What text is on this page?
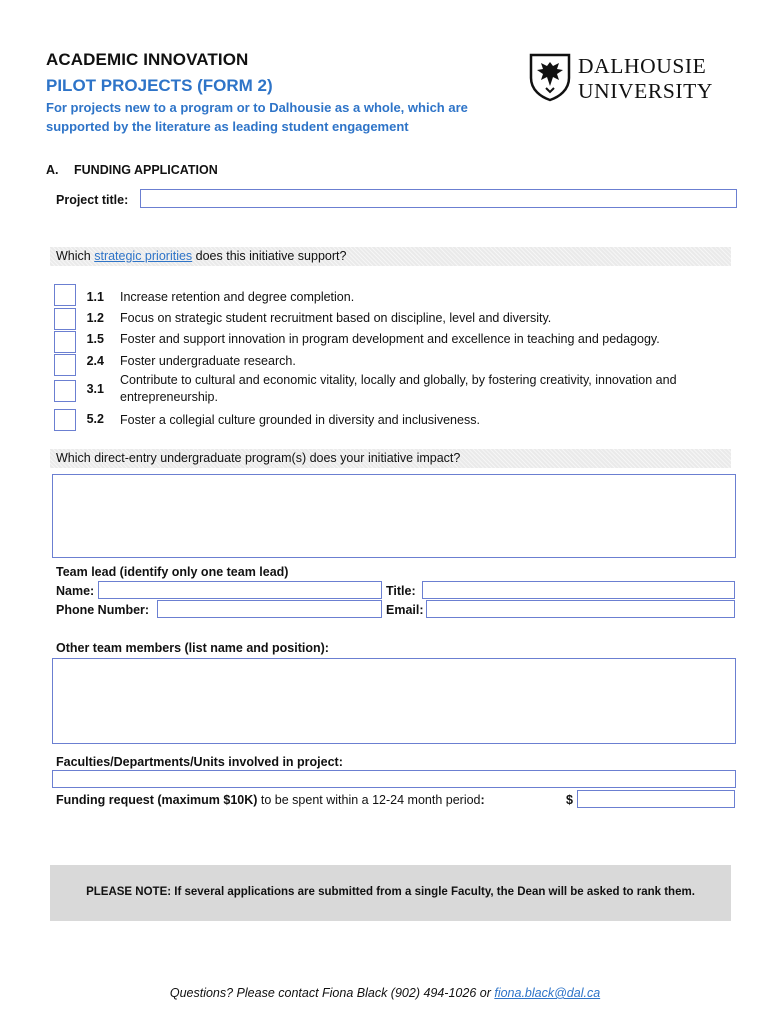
ACADEMIC INNOVATION
PILOT PROJECTS (FORM 2)
For projects new to a program or to Dalhousie as a whole, which are supported by the literature as leading student engagement
DALHOUSIE
UNIVERSITY
A. FUNDING APPLICATION
Project title:
Which strategic priorities does this initiative support?
1.1 Increase retention and degree completion.
1.2 Focus on strategic student recruitment based on discipline, level and diversity.
1.5 Foster and support innovation in program development and excellence in teaching and pedagogy.
2.4 Foster undergraduate research.
3.1
Contribute to cultural and economic vitality, locally and globally, by fostering creativity, innovation and entrepreneurship.
5.2 Foster a collegial culture grounded in diversity and inclusiveness.
Which direct-entry undergraduate program(s) does your initiative impact?
Team lead (identify only one team lead)
Name:	Title:
Phone Number:	Email:
Other team members (list name and position):
Faculties/Departments/Units involved in project:
Funding request (maximum $10K) to be spent within a 12-24 month period:	$
PLEASE NOTE: If several applications are submitted from a single Faculty, the Dean will be asked to rank them.
Questions? Please contact Fiona Black (902) 494-1026 or fiona.black@dal.ca
